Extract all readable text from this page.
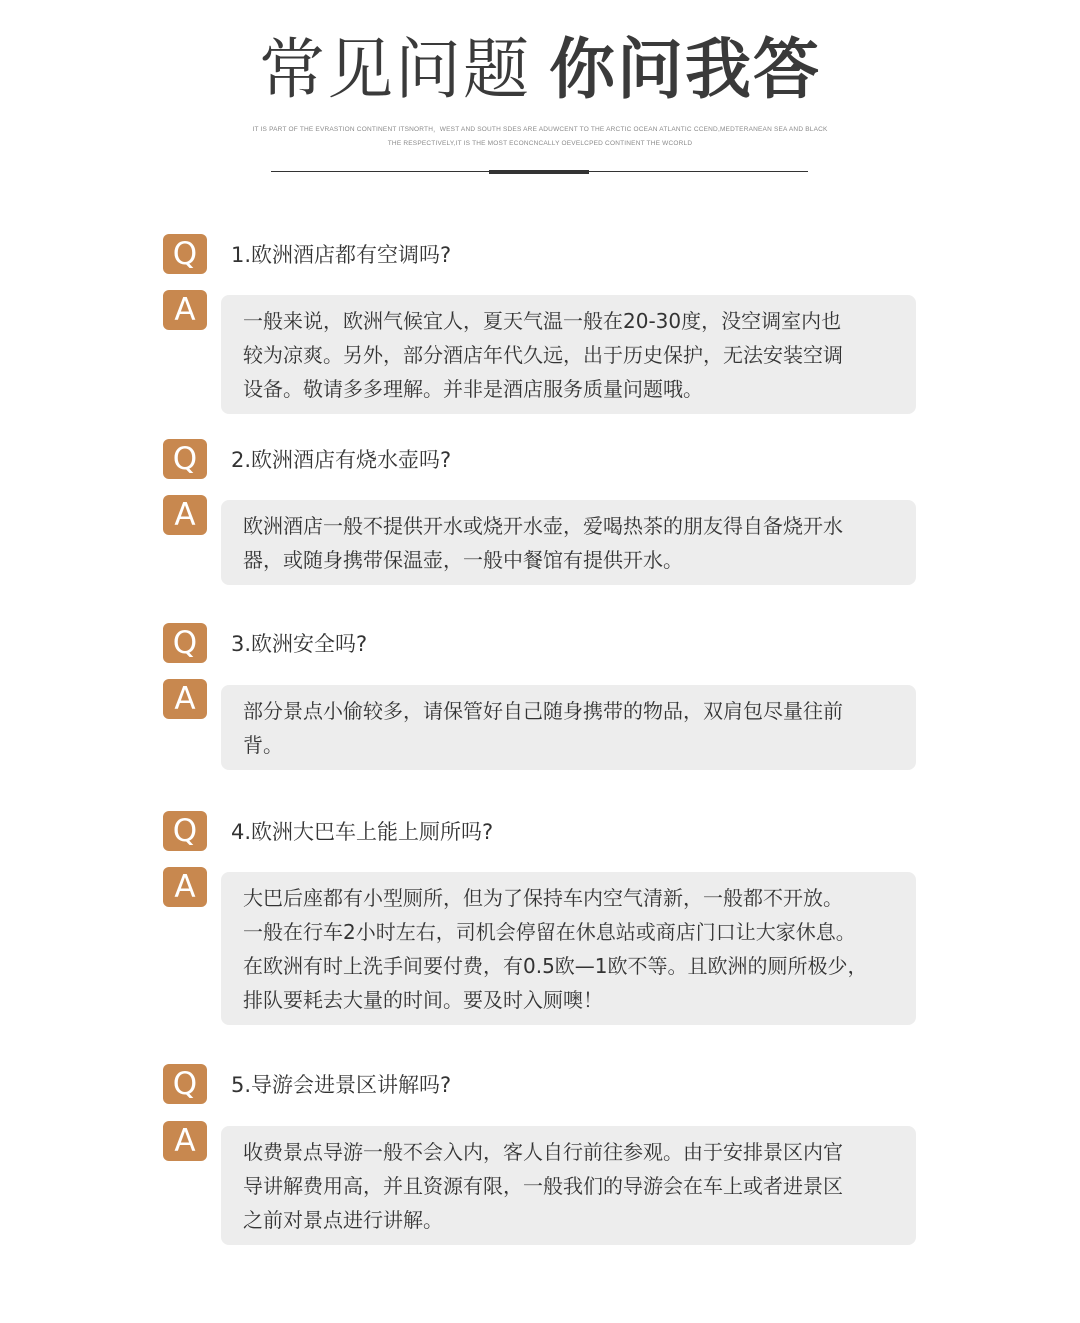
常见问题 你问我答
IT IS PART OF THE EVRASTION CONTINENT ITSNORTH，WEST AND SOUTH SDES ARE ADUWCENT TO THE ARCTIC OCEAN ATLANTIC CCEND,MEDTERANEAN SEA AND BLACK
THE RESPECTIVELY,IT IS THE MOST ECONCNCALLY OEVELCPED CONTINENT THE WCORLD
Q	1.欧洲酒店都有空调吗?
A	一般来说，欧洲气候宜人，夏天气温一般在20-30度，没空调室内也

较为凉爽。另外，部分酒店年代久远，出于历史保护，无法安装空调

设备。敬请多多理解。并非是酒店服务质量问题哦。

Q	2.欧洲酒店有烧水壶吗?
A	欧洲酒店一般不提供开水或烧开水壶，爱喝热茶的朋友得自备烧开水

器，或随身携带保温壶，一般中餐馆有提供开水。

Q	3.欧洲安全吗?
A	部分景点小偷较多，请保管好自己随身携带的物品，双肩包尽量往前

背。

Q	4.欧洲大巴车上能上厕所吗?
A	大巴后座都有小型厕所，但为了保持车内空气清新，一般都不开放。

一般在行车2小时左右，司机会停留在休息站或商店门口让大家休息。

在欧洲有时上洗手间要付费，有0.5欧—1欧不等。且欧洲的厕所极少，

排队要耗去大量的时间。要及时入厕噢！

Q	5.导游会进景区讲解吗?
A	收费景点导游一般不会入内，客人自行前往参观。由于安排景区内官

导讲解费用高，并且资源有限，一般我们的导游会在车上或者进景区

之前对景点进行讲解。
